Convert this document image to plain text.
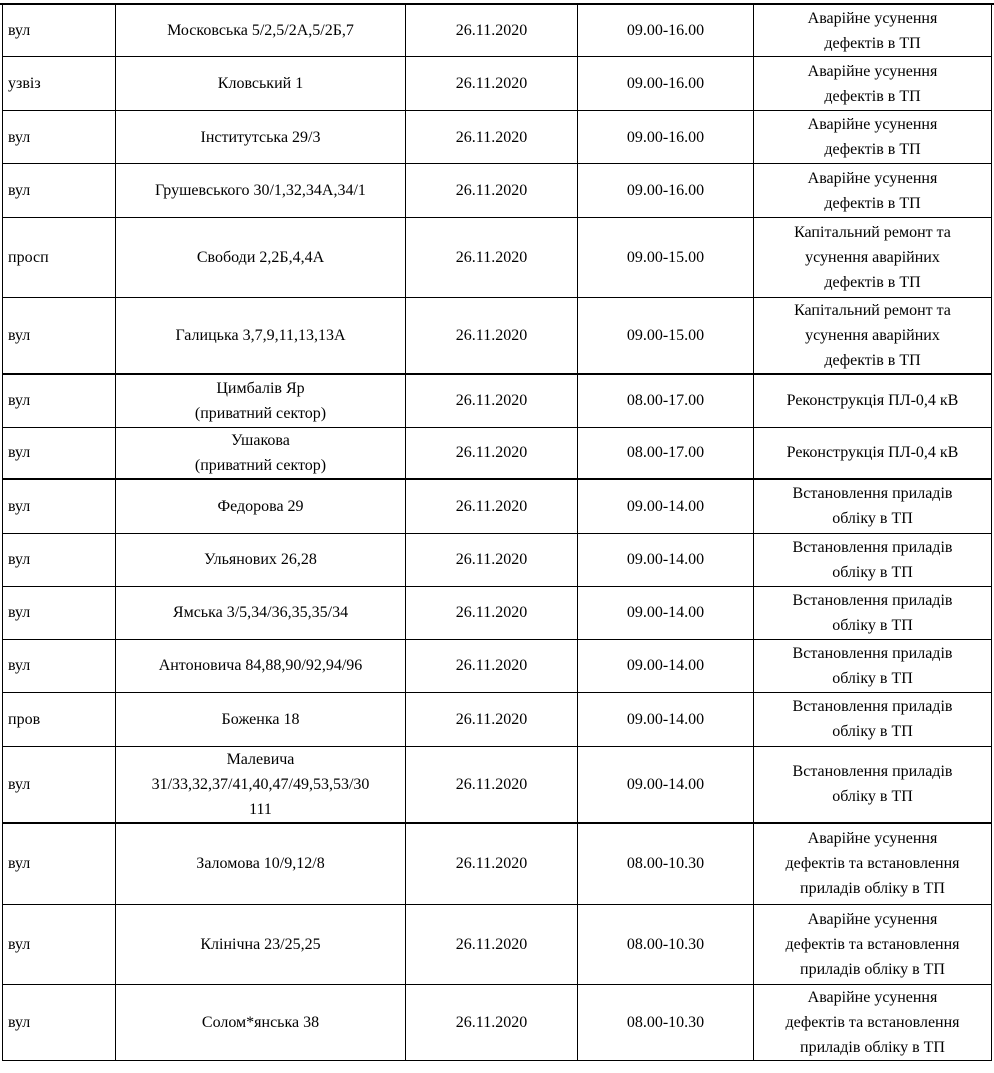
вул	Московська 5/2,5/2А,5/2Б,7	26.11.2020	09.00-16.00	Аварійне усунення
дефектів в ТП
узвіз	Кловський 1	26.11.2020	09.00-16.00	Аварійне усунення
дефектів в ТП
вул	Інститутська 29/3	26.11.2020	09.00-16.00	Аварійне усунення
дефектів в ТП
вул	Грушевського 30/1,32,34А,34/1	26.11.2020	09.00-16.00	Аварійне усунення
дефектів в ТП
просп	Свободи 2,2Б,4,4А	26.11.2020	09.00-15.00	Капітальний ремонт та
усунення аварійних
дефектів в ТП
вул	Галицька 3,7,9,11,13,13А	26.11.2020	09.00-15.00	Капітальний ремонт та
усунення аварійних
дефектів в ТП
вул	Цимбалів Яр
(приватний сектор)	26.11.2020	08.00-17.00	Реконструкція ПЛ-0,4 кВ
вул	Ушакова
(приватний сектор)	26.11.2020	08.00-17.00	Реконструкція ПЛ-0,4 кВ
вул	Федорова 29	26.11.2020	09.00-14.00	Встановлення приладів
обліку в ТП
вул	Ульянових 26,28	26.11.2020	09.00-14.00	Встановлення приладів
обліку в ТП
вул	Ямська 3/5,34/36,35,35/34	26.11.2020	09.00-14.00	Встановлення приладів
обліку в ТП
вул	Антоновича 84,88,90/92,94/96	26.11.2020	09.00-14.00	Встановлення приладів
обліку в ТП
пров	Боженка 18	26.11.2020	09.00-14.00	Встановлення приладів
обліку в ТП
вул	Малевича
31/33,32,37/41,40,47/49,53,53/30
111	26.11.2020	09.00-14.00	Встановлення приладів
обліку в ТП
вул	Заломова 10/9,12/8	26.11.2020	08.00-10.30	Аварійне усунення
дефектів та встановлення
приладів обліку в ТП
вул	Клінічна 23/25,25	26.11.2020	08.00-10.30	Аварійне усунення
дефектів та встановлення
приладів обліку в ТП
вул	Солом*янська 38	26.11.2020	08.00-10.30	Аварійне усунення
дефектів та встановлення
приладів обліку в ТП
